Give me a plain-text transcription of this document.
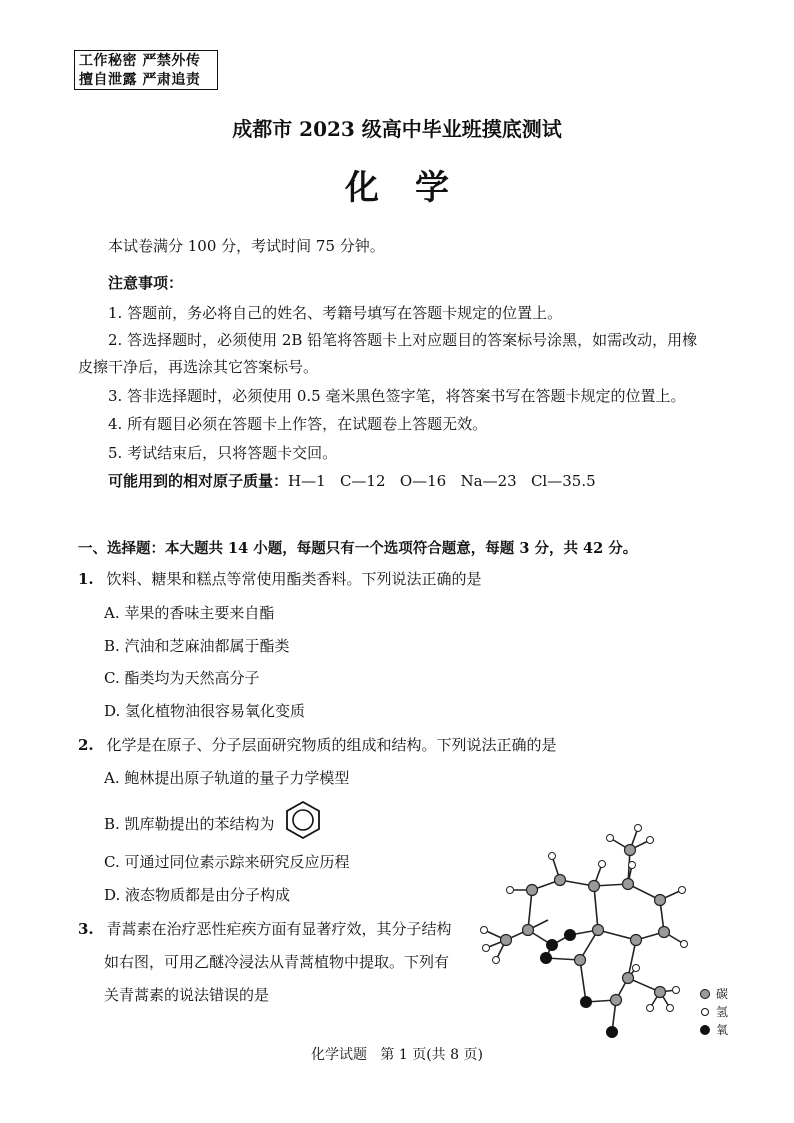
工作秘密 严禁外传
擅自泄露 严肃追责
成都市 2023 级高中毕业班摸底测试
化学
本试卷满分 100 分，考试时间 75 分钟。
注意事项：
1. 答题前，务必将自己的姓名、考籍号填写在答题卡规定的位置上。
2. 答选择题时，必须使用 2B 铅笔将答题卡上对应题目的答案标号涂黑，如需改动，用橡
皮擦干净后，再选涂其它答案标号。
3. 答非选择题时，必须使用 0.5 毫米黑色签字笔，将答案书写在答题卡规定的位置上。
4. 所有题目必须在答题卡上作答，在试题卷上答题无效。
5. 考试结束后，只将答题卡交回。
可能用到的相对原子质量：H—1   C—12   O—16   Na—23   Cl—35.5
一、选择题：本大题共 14 小题，每题只有一个选项符合题意，每题 3 分，共 42 分。
1. 饮料、糖果和糕点等常使用酯类香料。下列说法正确的是
A. 苹果的香味主要来自酯
B. 汽油和芝麻油都属于酯类
C. 酯类均为天然高分子
D. 氢化植物油很容易氧化变质
2. 化学是在原子、分子层面研究物质的组成和结构。下列说法正确的是
A. 鲍林提出原子轨道的量子力学模型
B. 凯库勒提出的苯结构为
C. 可通过同位素示踪来研究反应历程
D. 液态物质都是由分子构成
3. 青蒿素在治疗恶性疟疾方面有显著疗效，其分子结构
如右图，可用乙醚冷浸法从青蒿植物中提取。下列有
关青蒿素的说法错误的是	碳
氢
氧
化学试题   第 1 页(共 8 页)
